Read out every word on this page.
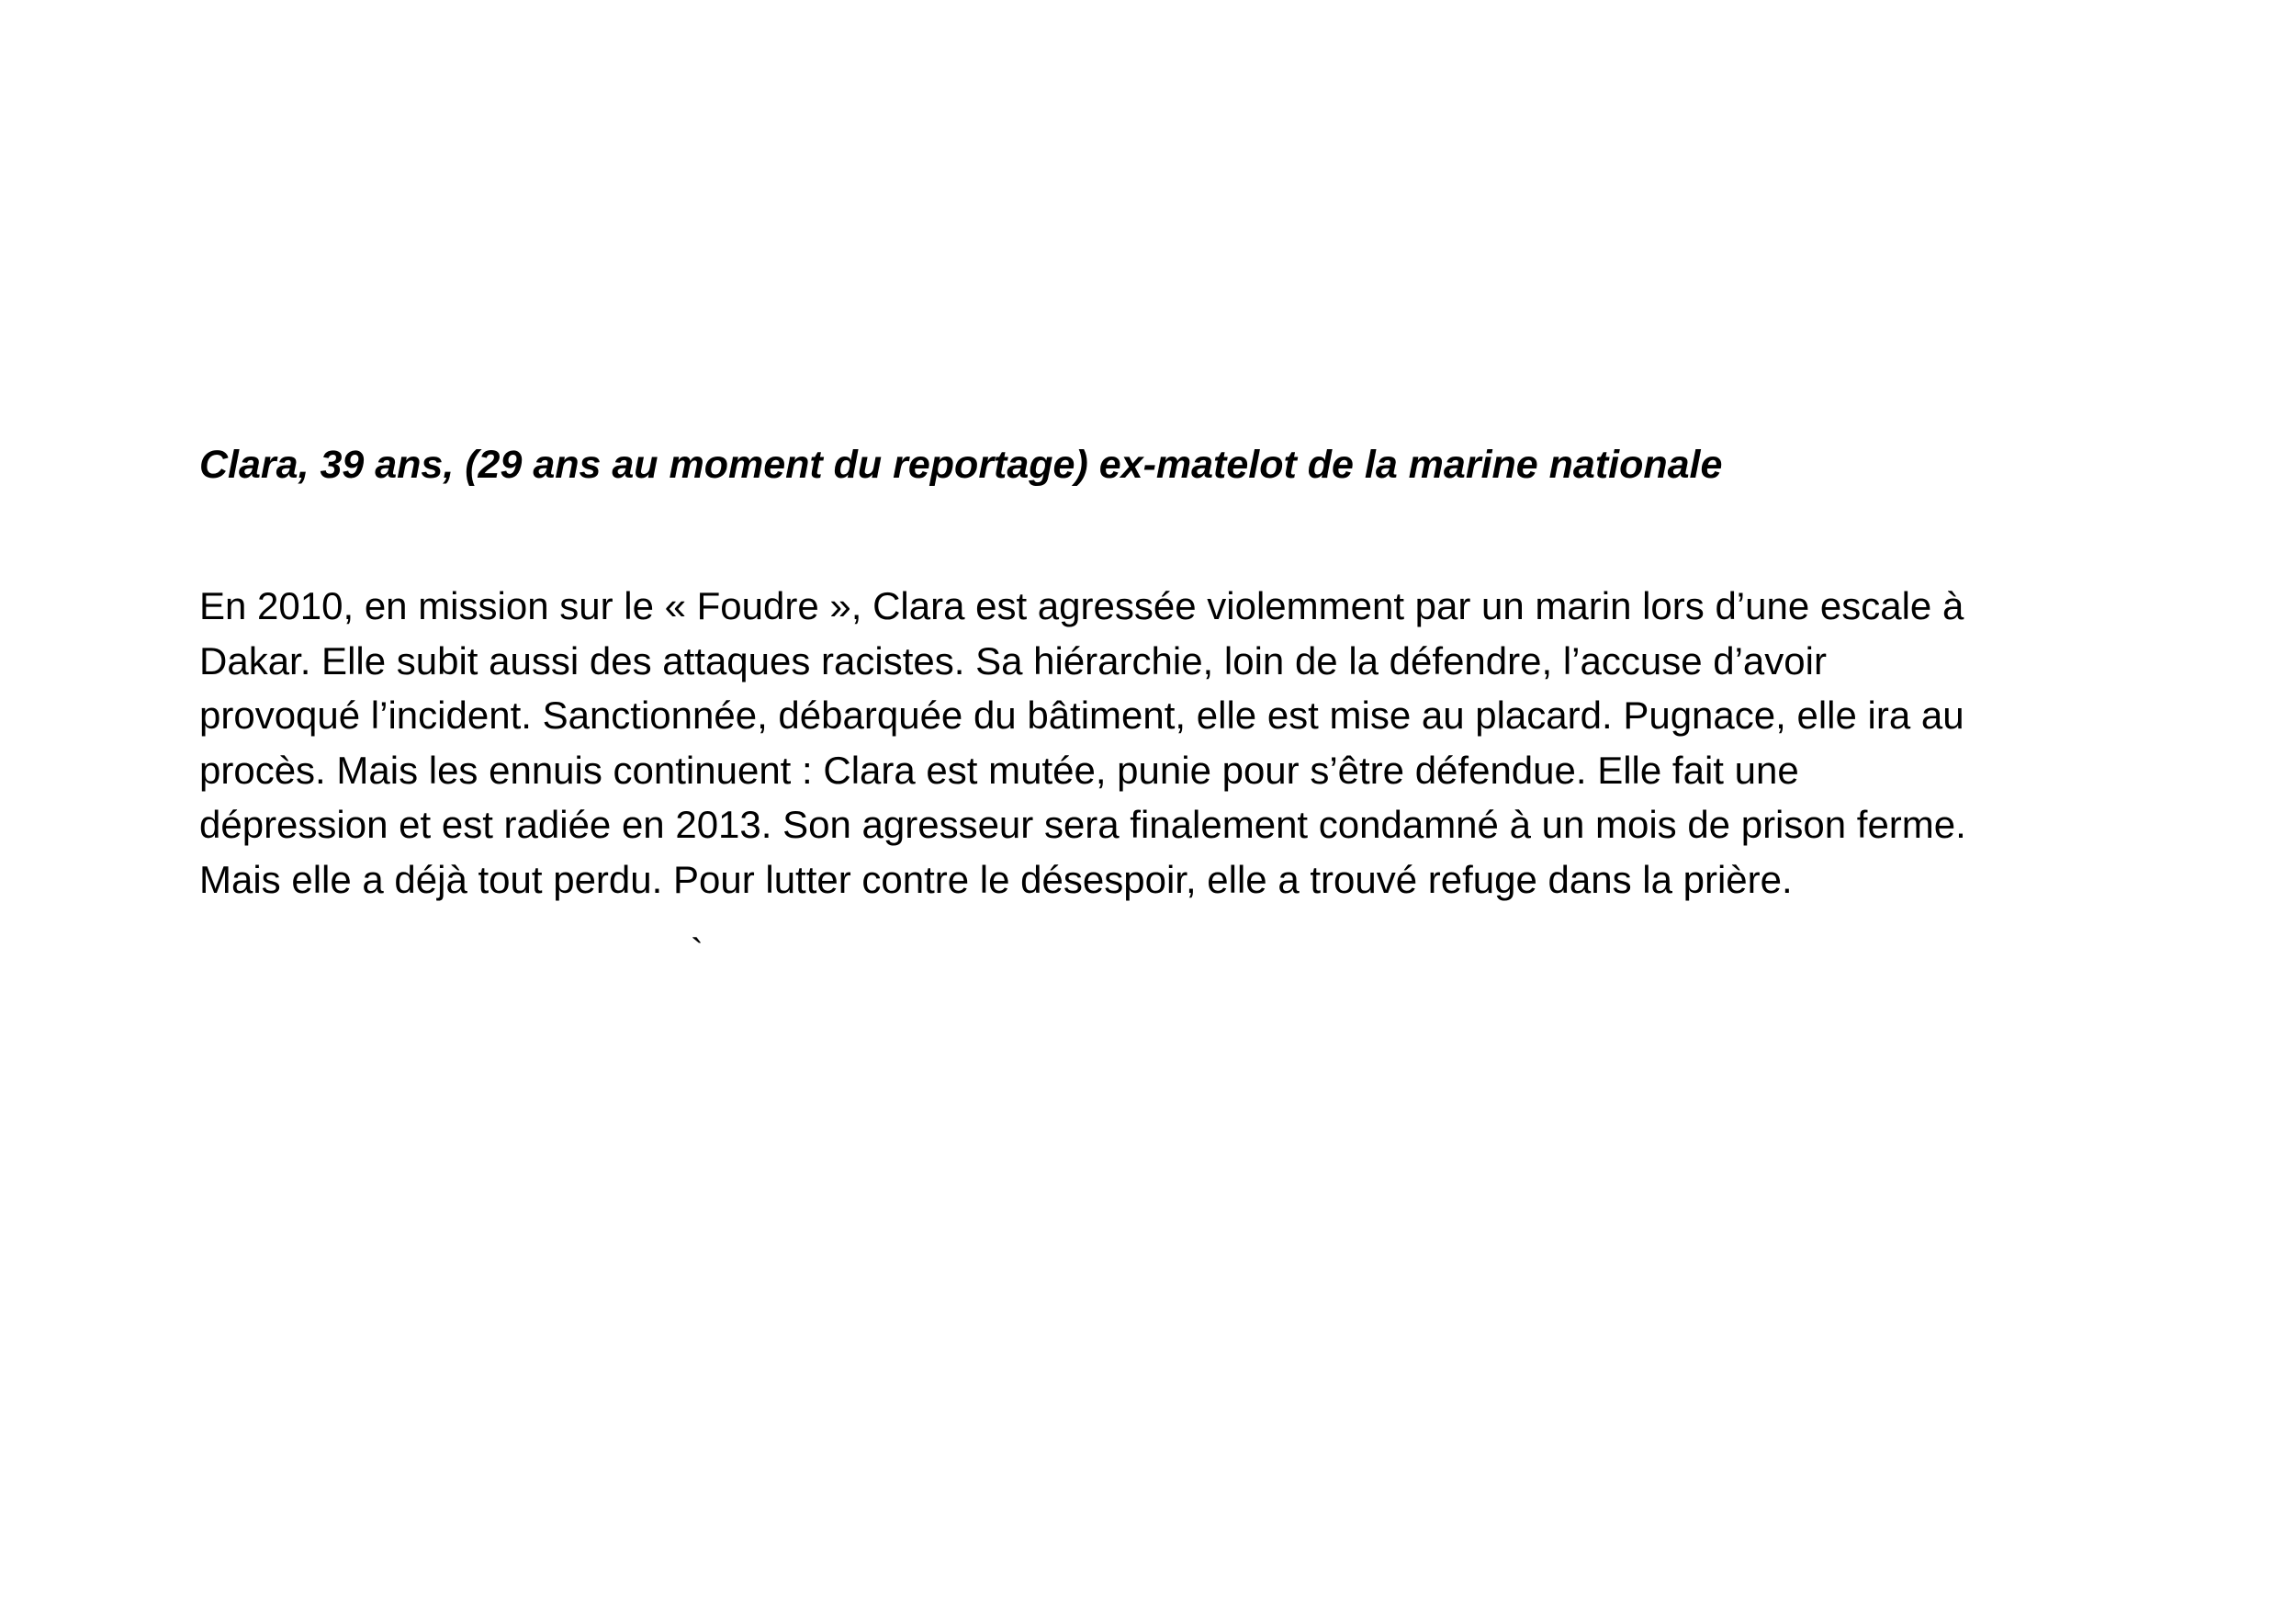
Clara, 39 ans, (29 ans au moment du reportage) ex-matelot de la marine nationale

En 2010, en mission sur le « Foudre », Clara est agressée violemment par un marin lors d’une escale à
Dakar. Elle subit aussi des attaques racistes. Sa hiérarchie, loin de la défendre, l’accuse d’avoir
provoqué l’incident. Sanctionnée, débarquée du bâtiment, elle est mise au placard. Pugnace, elle ira au
procès. Mais les ennuis continuent : Clara est mutée, punie pour s’être défendue. Elle fait une
dépression et est radiée en 2013. Son agresseur sera finalement condamné à un mois de prison ferme.
Mais elle a déjà tout perdu. Pour lutter contre le désespoir, elle a trouvé refuge dans la prière.

`
